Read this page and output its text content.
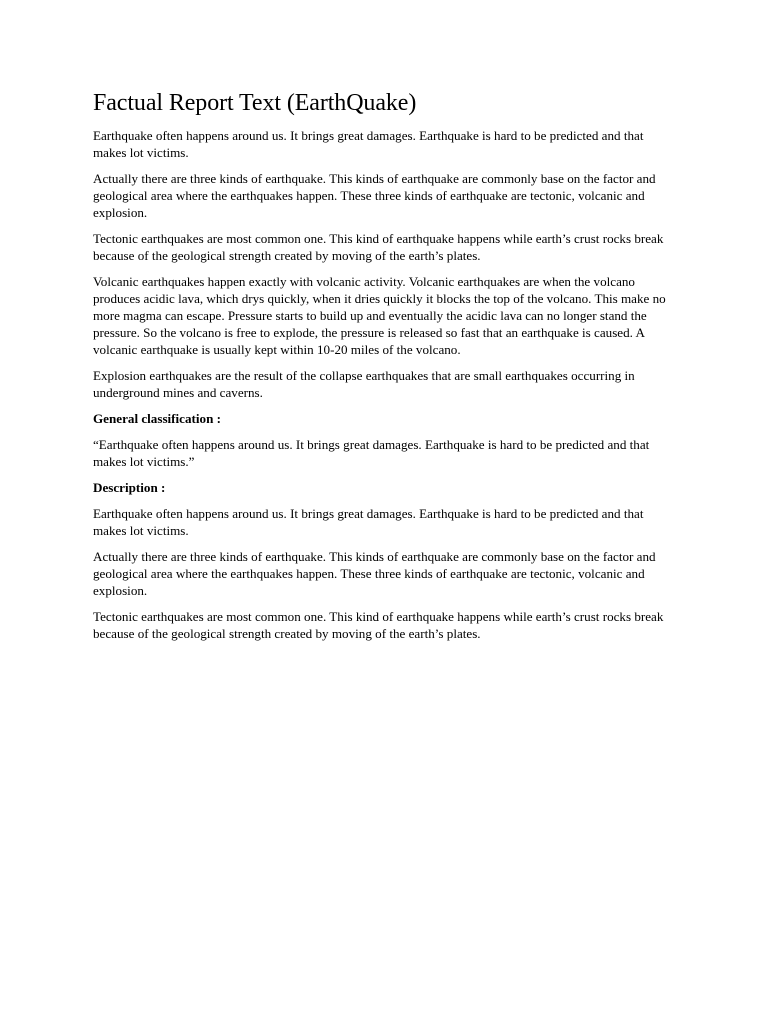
Factual Report Text (EarthQuake)

Earthquake often happens around us. It brings great damages. Earthquake is hard to be predicted and that makes lot victims.

Actually there are three kinds of earthquake. This kinds of earthquake are commonly base on the factor and geological area where the earthquakes happen. These three kinds of earthquake are tectonic, volcanic and explosion.

Tectonic earthquakes are most common one. This kind of earthquake happens while earth’s crust rocks break because of the geological strength created by moving of the earth’s plates.

Volcanic earthquakes happen exactly with volcanic activity. Volcanic earthquakes are when the volcano produces acidic lava, which drys quickly, when it dries quickly it blocks the top of the volcano. This make no more magma can escape. Pressure starts to build up and eventually the acidic lava can no longer stand the pressure. So the volcano is free to explode, the pressure is released so fast that an earthquake is caused. A volcanic earthquake is usually kept within 10-20 miles of the volcano.

Explosion earthquakes are the result of the collapse earthquakes that are small earthquakes occurring in underground mines and caverns.

General classification :

“Earthquake often happens around us. It brings great damages. Earthquake is hard to be predicted and that makes lot victims.”

Description :

Earthquake often happens around us. It brings great damages. Earthquake is hard to be predicted and that makes lot victims.

Actually there are three kinds of earthquake. This kinds of earthquake are commonly base on the factor and geological area where the earthquakes happen. These three kinds of earthquake are tectonic, volcanic and explosion.

Tectonic earthquakes are most common one. This kind of earthquake happens while earth’s crust rocks break because of the geological strength created by moving of the earth’s plates.
